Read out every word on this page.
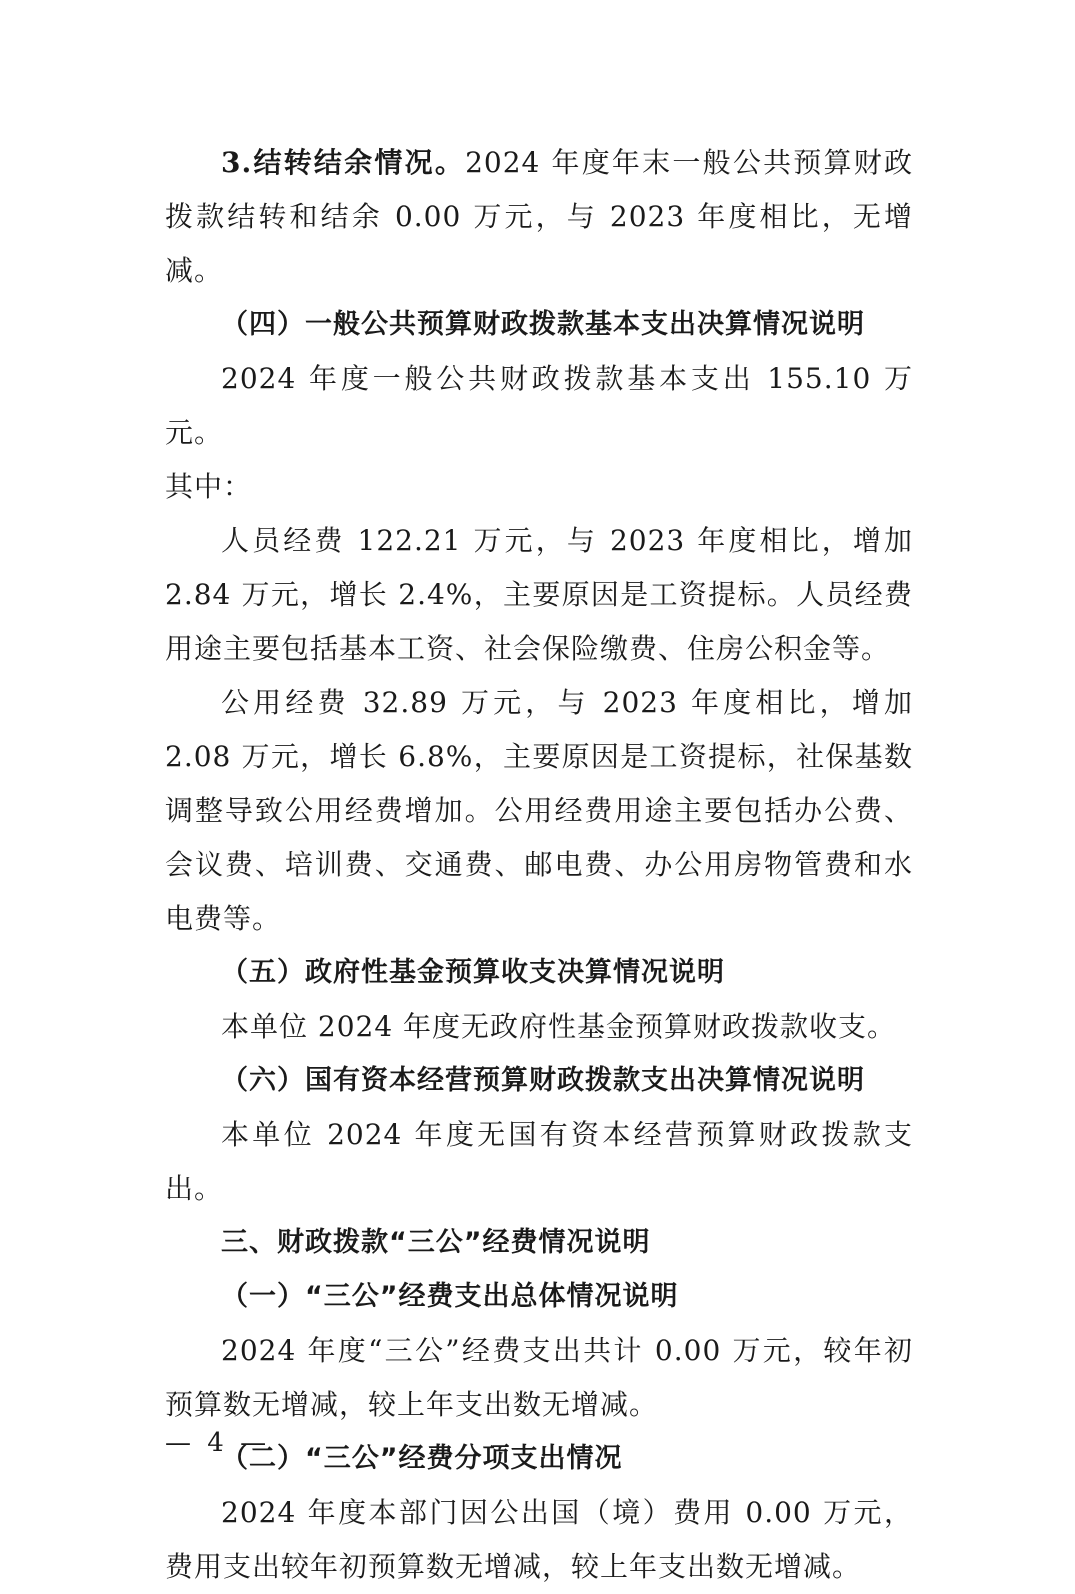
3.结转结余情况。2024 年度年末一般公共预算财政拨款结转和结余 0.00 万元，与 2023 年度相比，无增减。

（四）一般公共预算财政拨款基本支出决算情况说明

2024 年度一般公共财政拨款基本支出 155.10 万元。

其中：

人员经费 122.21 万元，与 2023 年度相比，增加 2.84 万元，增长 2.4%，主要原因是工资提标。人员经费用途主要包括基本工资、社会保险缴费、住房公积金等。

公用经费 32.89 万元，与 2023 年度相比，增加 2.08 万元，增长 6.8%，主要原因是工资提标，社保基数调整导致公用经费增加。公用经费用途主要包括办公费、会议费、培训费、交通费、邮电费、办公用房物管费和水电费等。

（五）政府性基金预算收支决算情况说明

本单位 2024 年度无政府性基金预算财政拨款收支。

（六）国有资本经营预算财政拨款支出决算情况说明

本单位 2024 年度无国有资本经营预算财政拨款支出。

三、财政拨款“三公”经费情况说明

（一）“三公”经费支出总体情况说明

2024 年度“三公”经费支出共计 0.00 万元，较年初预算数无增减，较上年支出数无增减。

（二）“三公”经费分项支出情况

2024 年度本部门因公出国（境）费用 0.00 万元，费用支出较年初预算数无增减，较上年支出数无增减。

— 4 —
